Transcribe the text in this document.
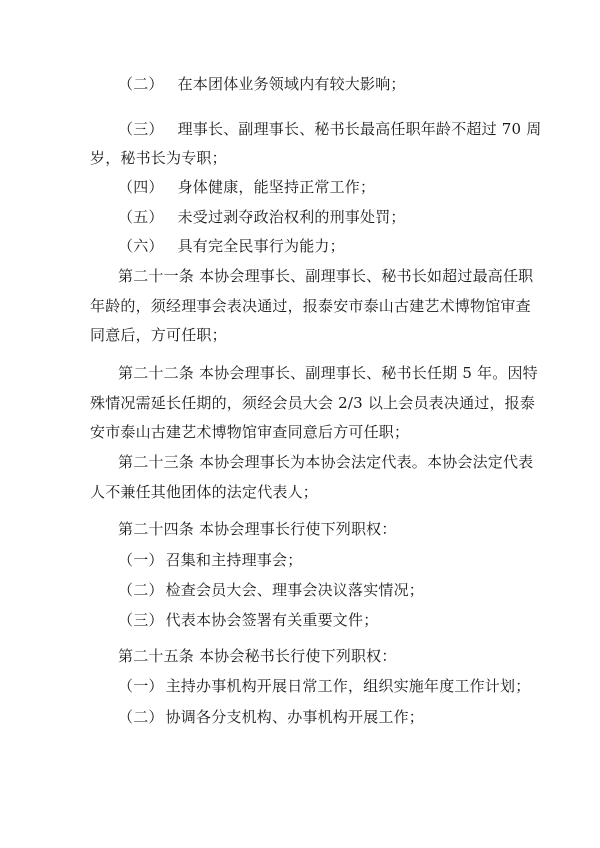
（二） 在本团体业务领域内有较大影响；
（三） 理事长、副理事长、秘书长最高任职年龄不超过 70 周
岁，秘书长为专职；
（四） 身体健康，能坚持正常工作；
（五） 未受过剥夺政治权利的刑事处罚；
（六） 具有完全民事行为能力；
第二十一条 本协会理事长、副理事长、秘书长如超过最高任职
年龄的，须经理事会表决通过，报泰安市泰山古建艺术博物馆审查
同意后，方可任职；
第二十二条 本协会理事长、副理事长、秘书长任期 5 年。因特
殊情况需延长任期的，须经会员大会 2/3 以上会员表决通过，报泰
安市泰山古建艺术博物馆审查同意后方可任职；
第二十三条 本协会理事长为本协会法定代表。本协会法定代表
人不兼任其他团体的法定代表人；
第二十四条 本协会理事长行使下列职权：
（一） 召集和主持理事会；
（二） 检查会员大会、理事会决议落实情况；
（三） 代表本协会签署有关重要文件；
第二十五条 本协会秘书长行使下列职权：
（一） 主持办事机构开展日常工作，组织实施年度工作计划；
（二） 协调各分支机构、办事机构开展工作；
